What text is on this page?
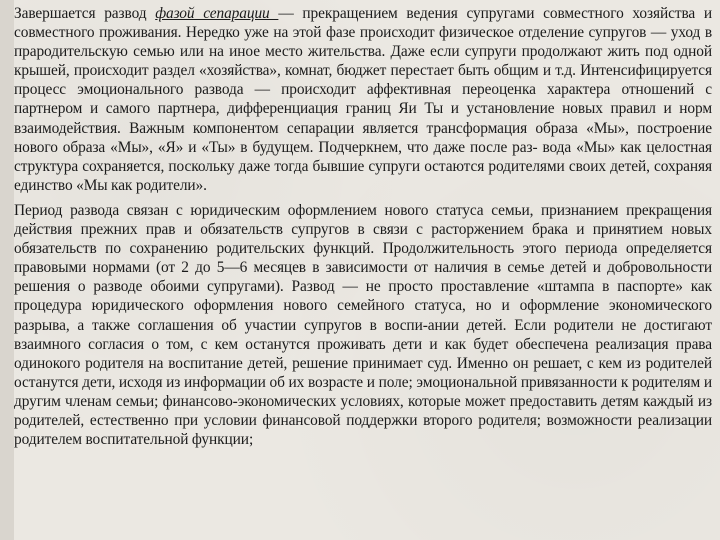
Завершается развод фазой сепарации — прекращением ведения супругами совместного хозяйства и совместного проживания. Нередко уже на этой фазе происходит физическое отделение супругов — уход в прародительскую семью или на иное место жительства. Даже если супруги продолжают жить под одной крышей, происходит раздел «хозяйства», комнат, бюджет перестает быть общим и т.д. Интенсифицируется процесс эмоционального развода — происходит аффективная переоценка характера отношений с партнером и самого партнера, дифференциация границ Яи Ты и установление новых правил и норм взаимодействия. Важным компонентом сепарации является трансформация образа «Мы», построение нового образа «Мы», «Я» и «Ты» в будущем. Подчеркнем, что даже после раз- вода «Мы» как целостная структура сохраняется, поскольку даже тогда бывшие супруги остаются родителями своих детей, сохраняя единство «Мы как родители».

Период развода связан с юридическим оформлением нового статуса семьи, признанием прекращения действия прежних прав и обязательств супругов в связи с расторжением брака и принятием новых обязательств по сохранению родительских функций. Продолжительность этого периода определяется правовыми нормами (от 2 до 5—6 месяцев в зависимости от наличия в семье детей и добровольности решения о разводе обоими супругами). Развод — не просто проставление «штампа в паспорте» как процедура юридического оформления нового семейного статуса, но и оформление экономического разрыва, а также соглашения об участии супругов в воспи-ании детей. Если родители не достигают взаимного согласия о том, с кем останутся проживать дети и как будет обеспечена реализация права одинокого родителя на воспитание детей, решение принимает суд. Именно он решает, с кем из родителей останутся дети, исходя из информации об их возрасте и поле; эмоциональной привязанности к родителям и другим членам семьи; финансово-экономических условиях, которые может предоставить детям каждый из родителей, естественно при условии финансовой поддержки второго родителя; возможности реализации родителем воспитательной функции;
